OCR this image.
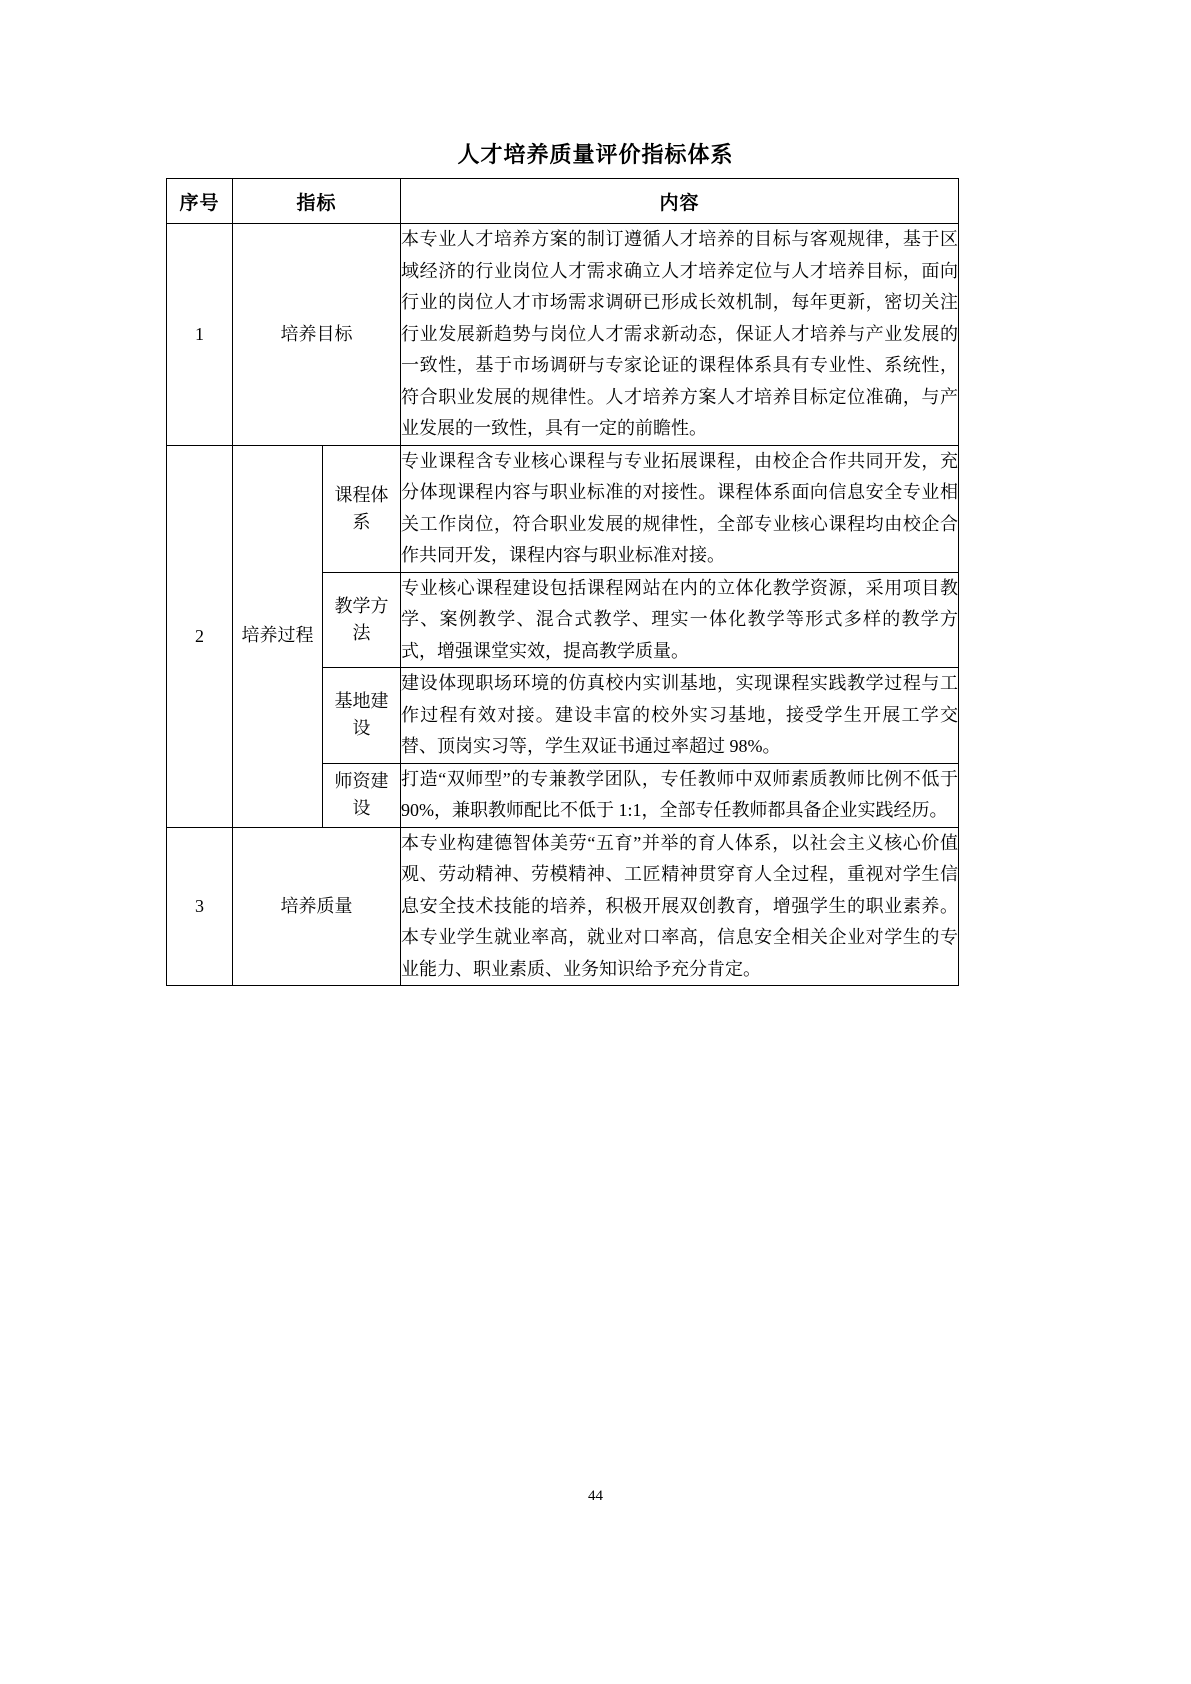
人才培养质量评价指标体系
序号	指标		内容
1	培养目标		本专业人才培养方案的制订遵循人才培养的目标与客观规律，基于区域经济的行业岗位人才需求确立人才培养定位与人才培养目标，面向行业的岗位人才市场需求调研已形成长效机制，每年更新，密切关注行业发展新趋势与岗位人才需求新动态，保证人才培养与产业发展的一致性，基于市场调研与专家论证的课程体系具有专业性、系统性，符合职业发展的规律性。人才培养方案人才培养目标定位准确，与产业发展的一致性，具有一定的前瞻性。
2	培养过程	课程体系	专业课程含专业核心课程与专业拓展课程，由校企合作共同开发，充分体现课程内容与职业标准的对接性。课程体系面向信息安全专业相关工作岗位，符合职业发展的规律性，全部专业核心课程均由校企合作共同开发，课程内容与职业标准对接。
		教学方法	专业核心课程建设包括课程网站在内的立体化教学资源，采用项目教学、案例教学、混合式教学、理实一体化教学等形式多样的教学方式，增强课堂实效，提高教学质量。
		基地建设	建设体现职场环境的仿真校内实训基地，实现课程实践教学过程与工作过程有效对接。建设丰富的校外实习基地，接受学生开展工学交替、顶岗实习等，学生双证书通过率超过 98%。
		师资建设	打造“双师型”的专兼教学团队，专任教师中双师素质教师比例不低于 90%，兼职教师配比不低于 1:1，全部专任教师都具备企业实践经历。
3	培养质量		本专业构建德智体美劳“五育”并举的育人体系，以社会主义核心价值观、劳动精神、劳模精神、工匠精神贯穿育人全过程，重视对学生信息安全技术技能的培养，积极开展双创教育，增强学生的职业素养。本专业学生就业率高，就业对口率高，信息安全相关企业对学生的专业能力、职业素质、业务知识给予充分肯定。
44
